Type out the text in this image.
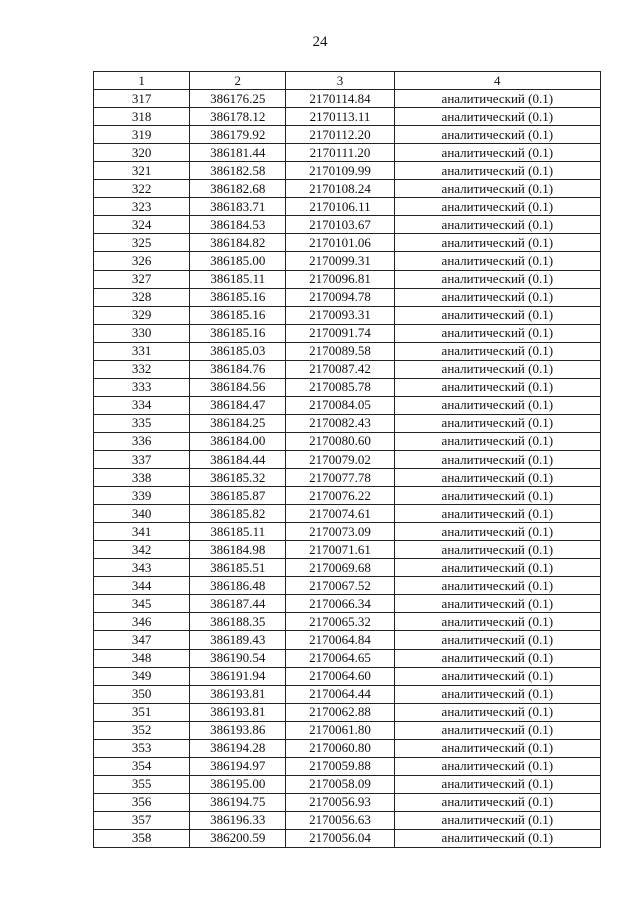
24
1	2	3	4
317	386176.25	2170114.84	аналитический (0.1)
318	386178.12	2170113.11	аналитический (0.1)
319	386179.92	2170112.20	аналитический (0.1)
320	386181.44	2170111.20	аналитический (0.1)
321	386182.58	2170109.99	аналитический (0.1)
322	386182.68	2170108.24	аналитический (0.1)
323	386183.71	2170106.11	аналитический (0.1)
324	386184.53	2170103.67	аналитический (0.1)
325	386184.82	2170101.06	аналитический (0.1)
326	386185.00	2170099.31	аналитический (0.1)
327	386185.11	2170096.81	аналитический (0.1)
328	386185.16	2170094.78	аналитический (0.1)
329	386185.16	2170093.31	аналитический (0.1)
330	386185.16	2170091.74	аналитический (0.1)
331	386185.03	2170089.58	аналитический (0.1)
332	386184.76	2170087.42	аналитический (0.1)
333	386184.56	2170085.78	аналитический (0.1)
334	386184.47	2170084.05	аналитический (0.1)
335	386184.25	2170082.43	аналитический (0.1)
336	386184.00	2170080.60	аналитический (0.1)
337	386184.44	2170079.02	аналитический (0.1)
338	386185.32	2170077.78	аналитический (0.1)
339	386185.87	2170076.22	аналитический (0.1)
340	386185.82	2170074.61	аналитический (0.1)
341	386185.11	2170073.09	аналитический (0.1)
342	386184.98	2170071.61	аналитический (0.1)
343	386185.51	2170069.68	аналитический (0.1)
344	386186.48	2170067.52	аналитический (0.1)
345	386187.44	2170066.34	аналитический (0.1)
346	386188.35	2170065.32	аналитический (0.1)
347	386189.43	2170064.84	аналитический (0.1)
348	386190.54	2170064.65	аналитический (0.1)
349	386191.94	2170064.60	аналитический (0.1)
350	386193.81	2170064.44	аналитический (0.1)
351	386193.81	2170062.88	аналитический (0.1)
352	386193.86	2170061.80	аналитический (0.1)
353	386194.28	2170060.80	аналитический (0.1)
354	386194.97	2170059.88	аналитический (0.1)
355	386195.00	2170058.09	аналитический (0.1)
356	386194.75	2170056.93	аналитический (0.1)
357	386196.33	2170056.63	аналитический (0.1)
358	386200.59	2170056.04	аналитический (0.1)
